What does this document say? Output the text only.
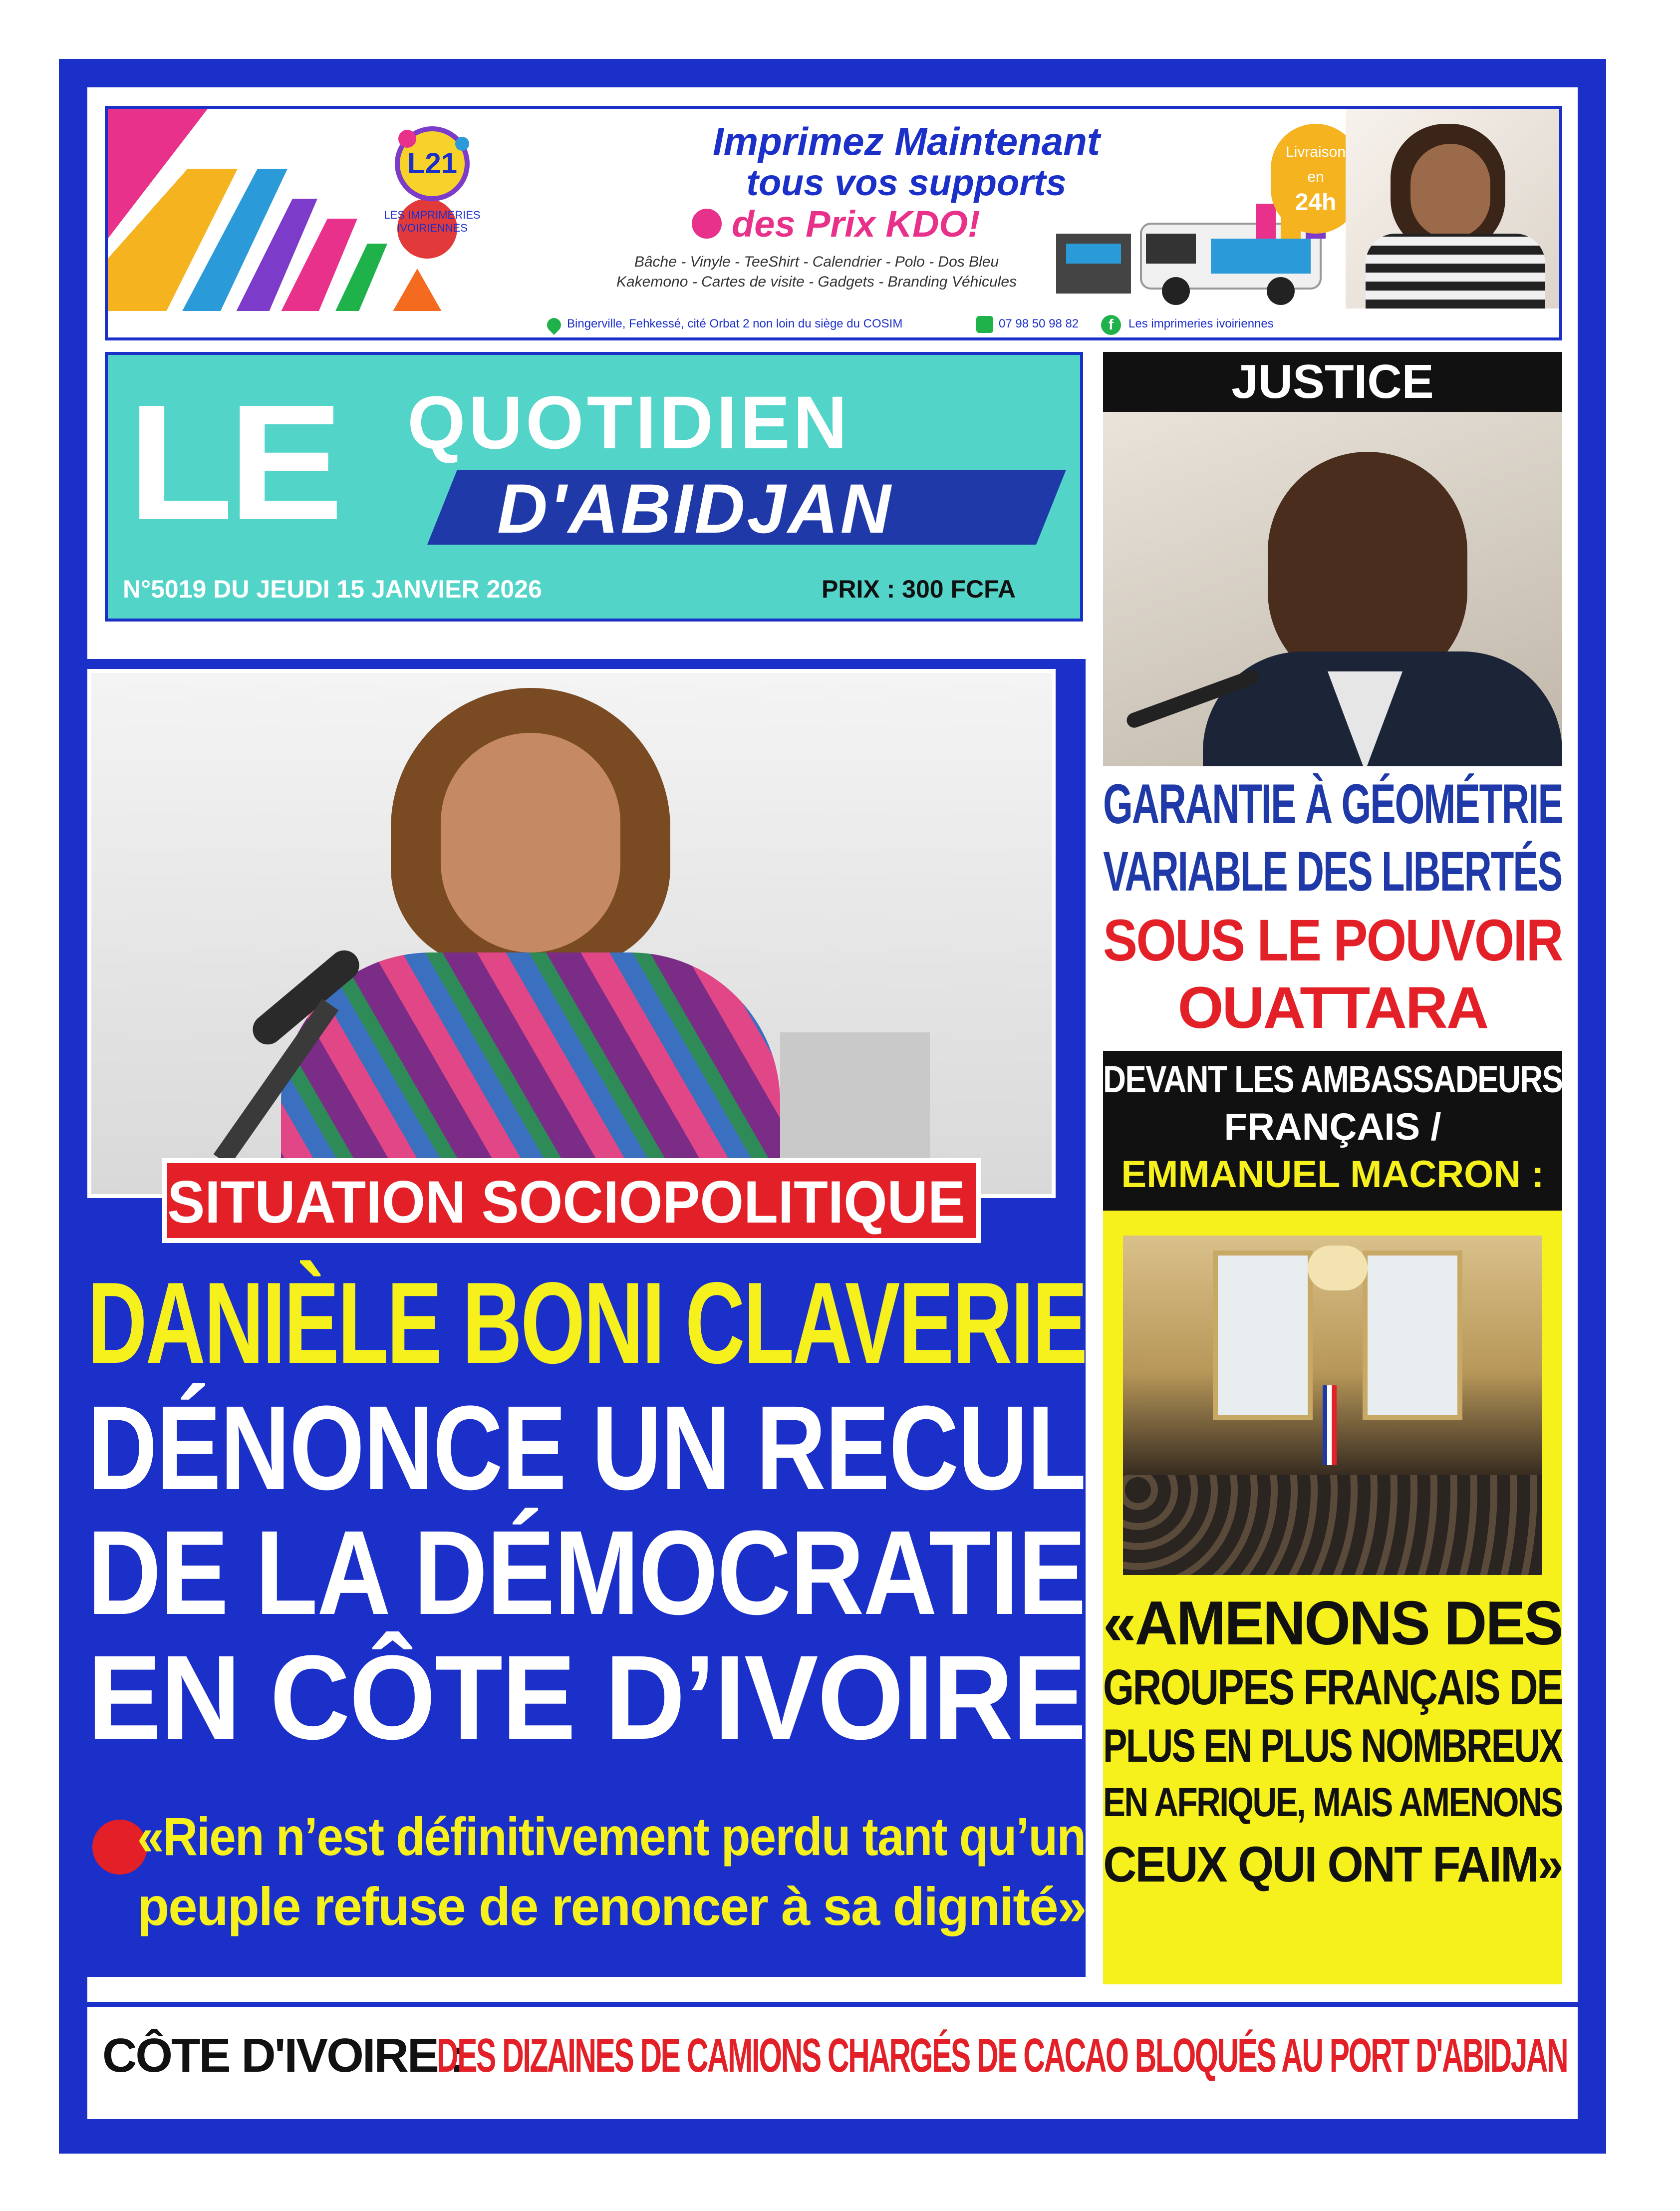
L21
LES IMPRIMERIES IVOIRIENNES
Imprimez Maintenant
tous vos supports
des Prix KDO!
Bâche - Vinyle - TeeShirt - Calendrier - Polo - Dos Bleu
Kakemono - Cartes de visite - Gadgets - Branding Véhicules
Livraison
en
24h
Bingerville, Fehkessé, cité Orbat 2 non loin du siège du COSIM	07 98 50 98 82	f	Les imprimeries ivoiriennes
LE QUOTIDIEN
D'ABIDJAN
N°5019 DU JEUDI 15 JANVIER 2026	PRIX : 300 FCFA
SITUATION SOCIOPOLITIQUE
DANIÈLE BONI CLAVERIE
DÉNONCE UN RECUL
DE LA DÉMOCRATIE
EN CÔTE D’IVOIRE
«Rien n’est définitivement perdu tant qu’un
peuple refuse de renoncer à sa dignité»
JUSTICE
GARANTIE À GÉOMÉTRIE
VARIABLE DES LIBERTÉS
SOUS LE POUVOIR
OUATTARA
DEVANT LES AMBASSADEURS
FRANÇAIS /
EMMANUEL MACRON :
«AMENONS DES
GROUPES FRANÇAIS DE
PLUS EN PLUS NOMBREUX
EN AFRIQUE, MAIS AMENONS
CEUX QUI ONT FAIM»
CÔTE D'IVOIRE :
DES DIZAINES DE CAMIONS CHARGÉS DE CACAO BLOQUÉS AU PORT D'ABIDJAN
